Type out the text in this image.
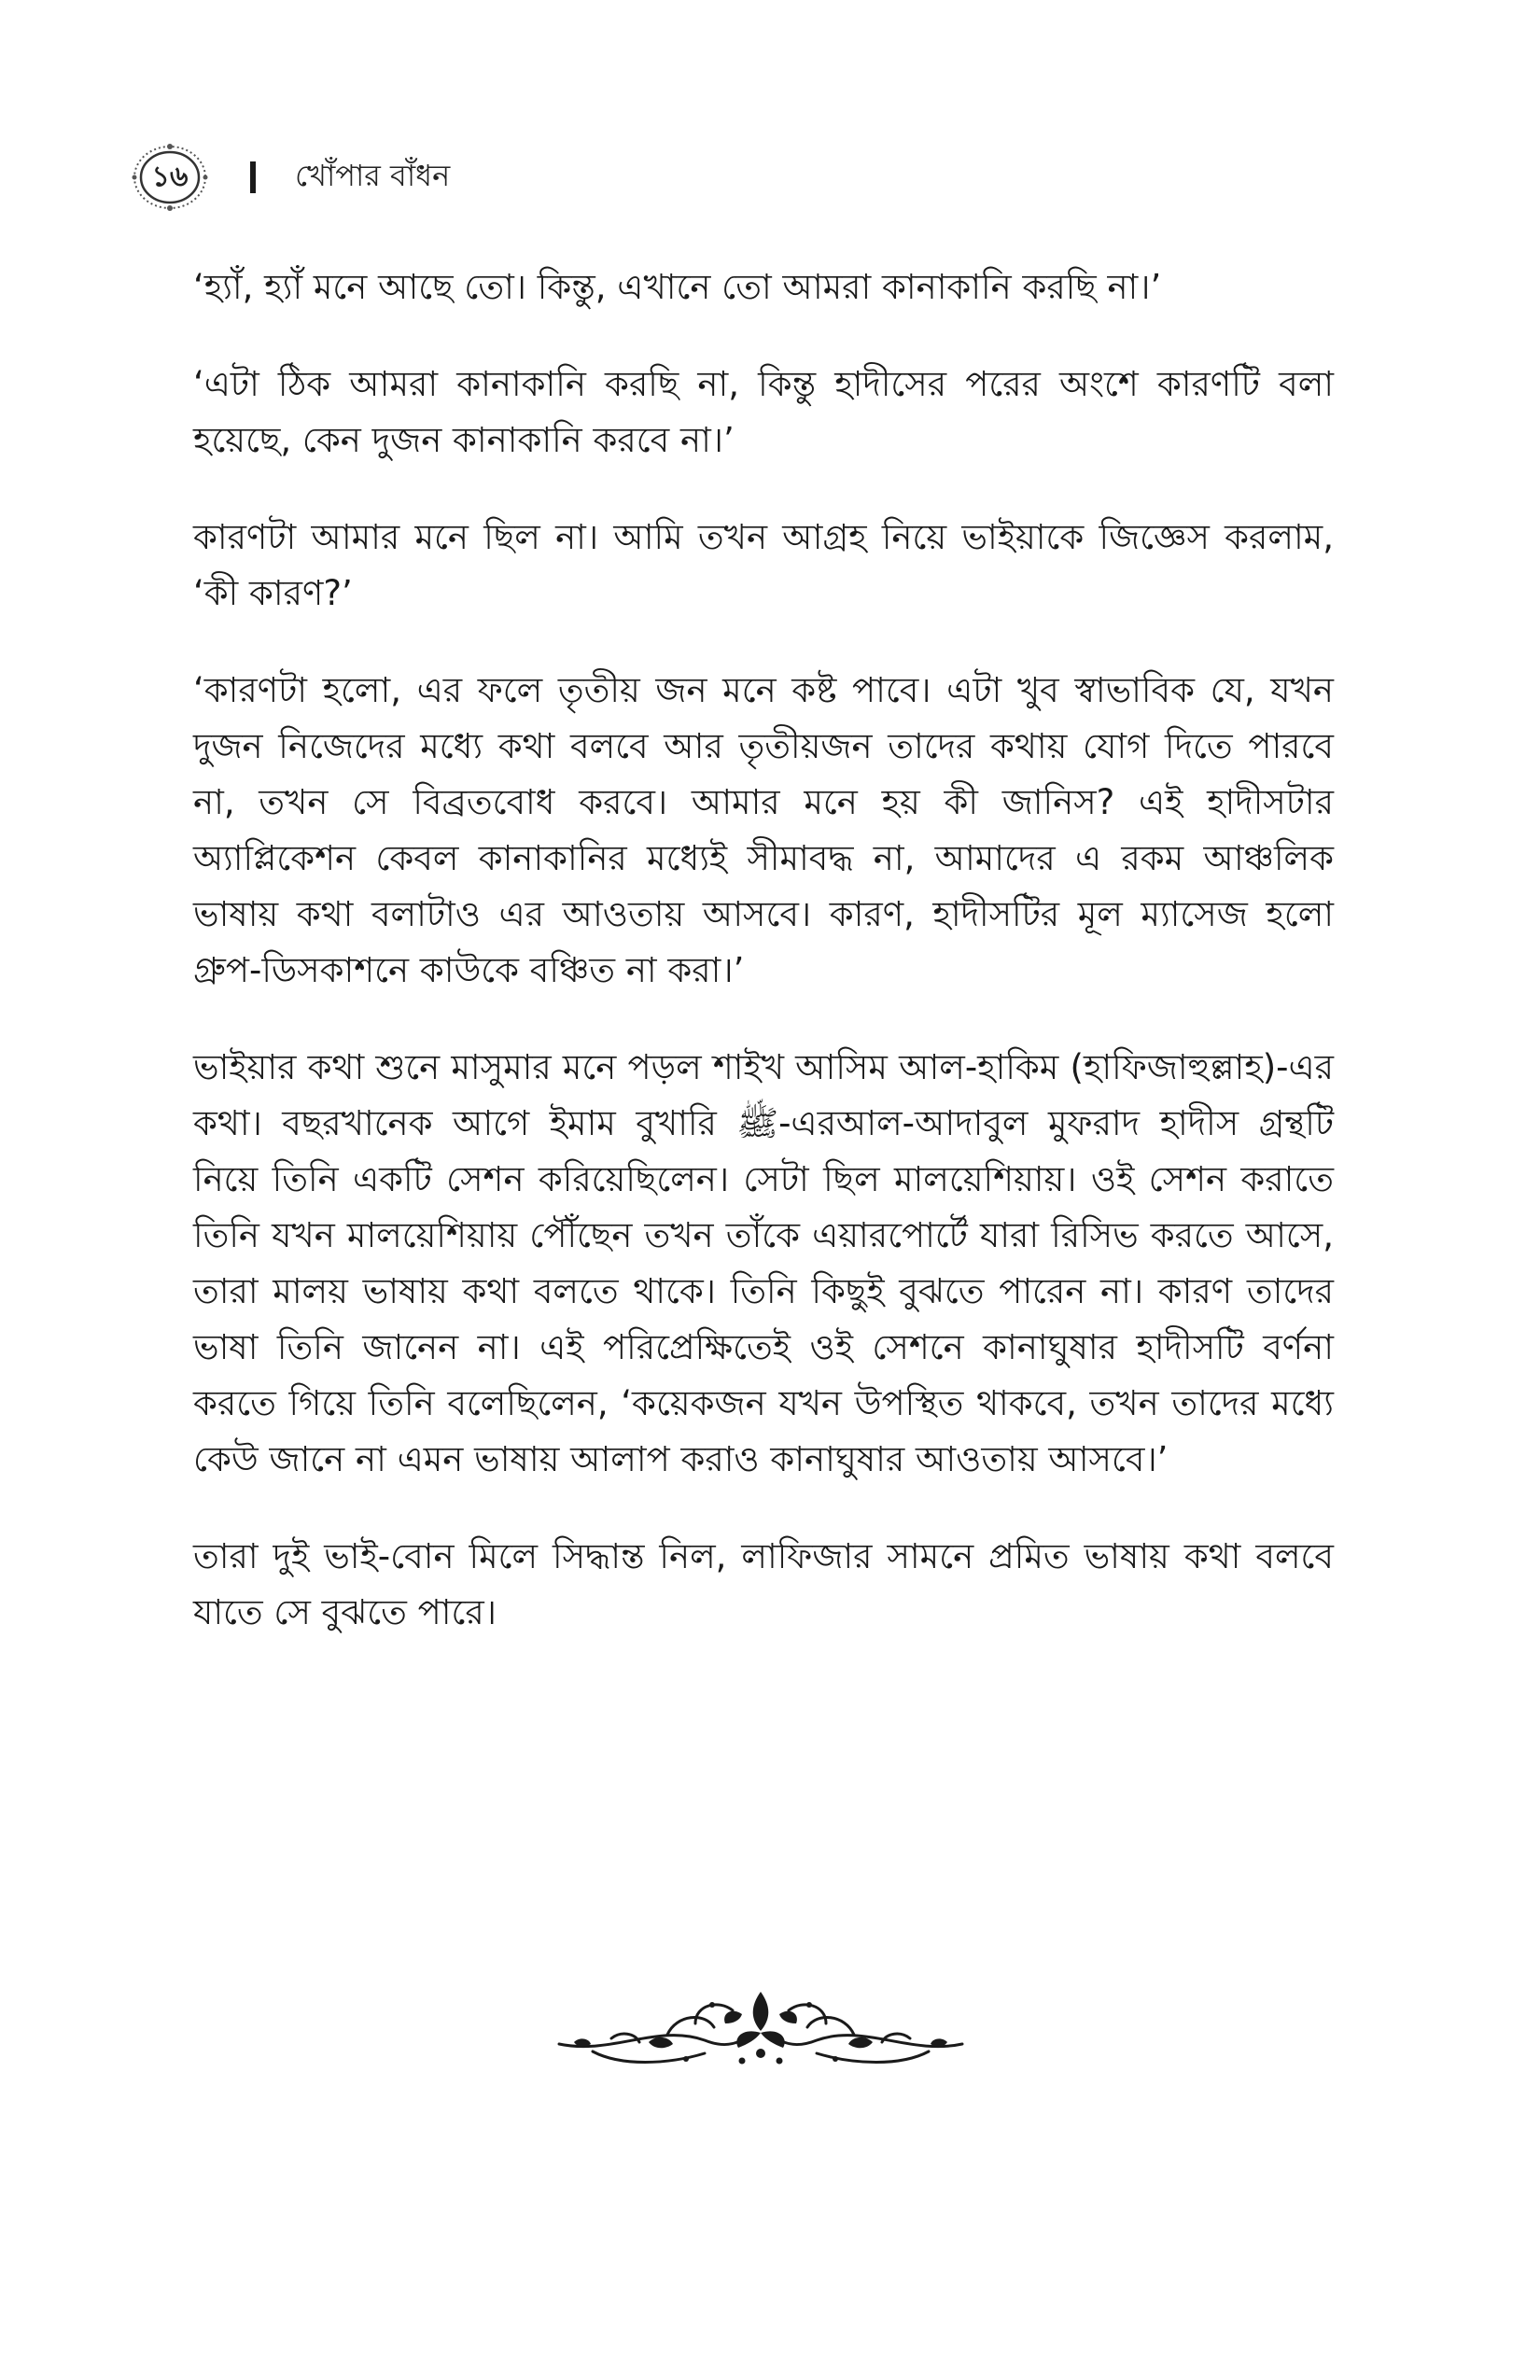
১৬	খোঁপার বাঁধন

‘হ্যাঁ, হ্যাঁ মনে আছে তো। কিন্তু, এখানে তো আমরা কানাকানি করছি না।’

‘এটা ঠিক আমরা কানাকানি করছি না, কিন্তু হাদীসের পরের অংশে কারণটি বলা হয়েছে, কেন দুজন কানাকানি করবে না।’

কারণটা আমার মনে ছিল না। আমি তখন আগ্রহ নিয়ে ভাইয়াকে জিজ্ঞেস করলাম, ‘কী কারণ?’

‘কারণটা হলো, এর ফলে তৃতীয় জন মনে কষ্ট পাবে। এটা খুব স্বাভাবিক যে, যখন দুজন নিজেদের মধ্যে কথা বলবে আর তৃতীয়জন তাদের কথায় যোগ দিতে পারবে না, তখন সে বিব্রতবোধ করবে। আমার মনে হয় কী জানিস? এই হাদীসটার অ্যাপ্লিকেশন কেবল কানাকানির মধ্যেই সীমাবদ্ধ না, আমাদের এ রকম আঞ্চলিক ভাষায় কথা বলাটাও এর আওতায় আসবে। কারণ, হাদীসটির মূল ম্যাসেজ হলো গ্রুপ-ডিসকাশনে কাউকে বঞ্চিত না করা।’

ভাইয়ার কথা শুনে মাসুমার মনে পড়ল শাইখ আসিম আল-হাকিম (হাফিজাহুল্লাহ)-এর কথা। বছরখানেক আগে ইমাম বুখারি ﷺ-এরআল-আদাবুল মুফরাদ হাদীস গ্রন্থটি নিয়ে তিনি একটি সেশন করিয়েছিলেন। সেটা ছিল মালয়েশিয়ায়। ওই সেশন করাতে তিনি যখন মালয়েশিয়ায় পৌঁছেন তখন তাঁকে এয়ারপোর্টে যারা রিসিভ করতে আসে, তারা মালয় ভাষায় কথা বলতে থাকে। তিনি কিছুই বুঝতে পারেন না। কারণ তাদের ভাষা তিনি জানেন না। এই পরিপ্রেক্ষিতেই ওই সেশনে কানাঘুষার হাদীসটি বর্ণনা করতে গিয়ে তিনি বলেছিলেন, ‘কয়েকজন যখন উপস্থিত থাকবে, তখন তাদের মধ্যে কেউ জানে না এমন ভাষায় আলাপ করাও কানাঘুষার আওতায় আসবে।’

তারা দুই ভাই-বোন মিলে সিদ্ধান্ত নিল, লাফিজার সামনে প্রমিত ভাষায় কথা বলবে যাতে সে বুঝতে পারে।
